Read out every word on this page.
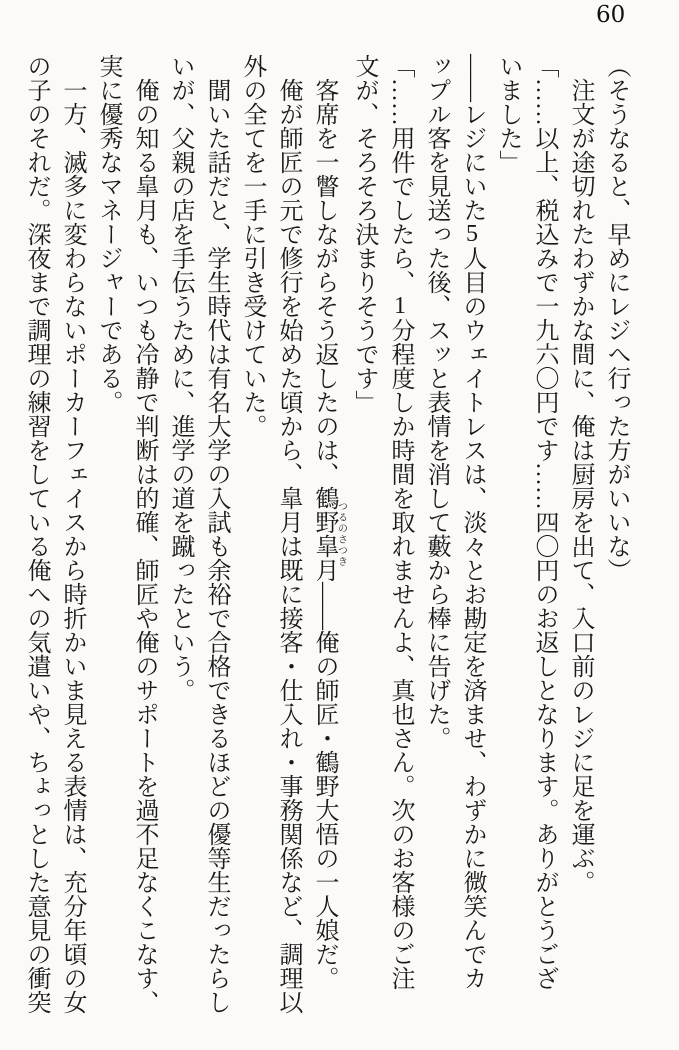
60

（そうなると、早めにレジへ行った方がいいな）

　注文が途切れたわずかな間に、俺は厨房を出て、入口前のレジに足を運ぶ。

「……以上、税込みで一九六〇円です……四〇円のお返しとなります。ありがとうござ

いました」

――レジにいた5人目のウェイトレスは、淡々とお勘定を済ませ、わずかに微笑んでカ

ップル客を見送った後、スッと表情を消して藪から棒に告げた。

「……用件でしたら、1分程度しか時間を取れませんよ、真也さん。次のお客様のご注

文が、そろそろ決まりそうです」

　客席を一瞥しながらそう返したのは、鶴野皐月つるのさつき――俺の師匠・鶴野大悟の一人娘だ。

　俺が師匠の元で修行を始めた頃から、皐月は既に接客・仕入れ・事務関係など、調理以

外の全てを一手に引き受けていた。

　聞いた話だと、学生時代は有名大学の入試も余裕で合格できるほどの優等生だったらし

いが、父親の店を手伝うために、進学の道を蹴ったという。

　俺の知る皐月も、いつも冷静で判断は的確、師匠や俺のサポートを過不足なくこなす、

実に優秀なマネージャーである。

　一方、滅多に変わらないポーカーフェイスから時折かいま見える表情は、充分年頃の女

の子のそれだ。深夜まで調理の練習をしている俺への気遣いや、ちょっとした意見の衝突
